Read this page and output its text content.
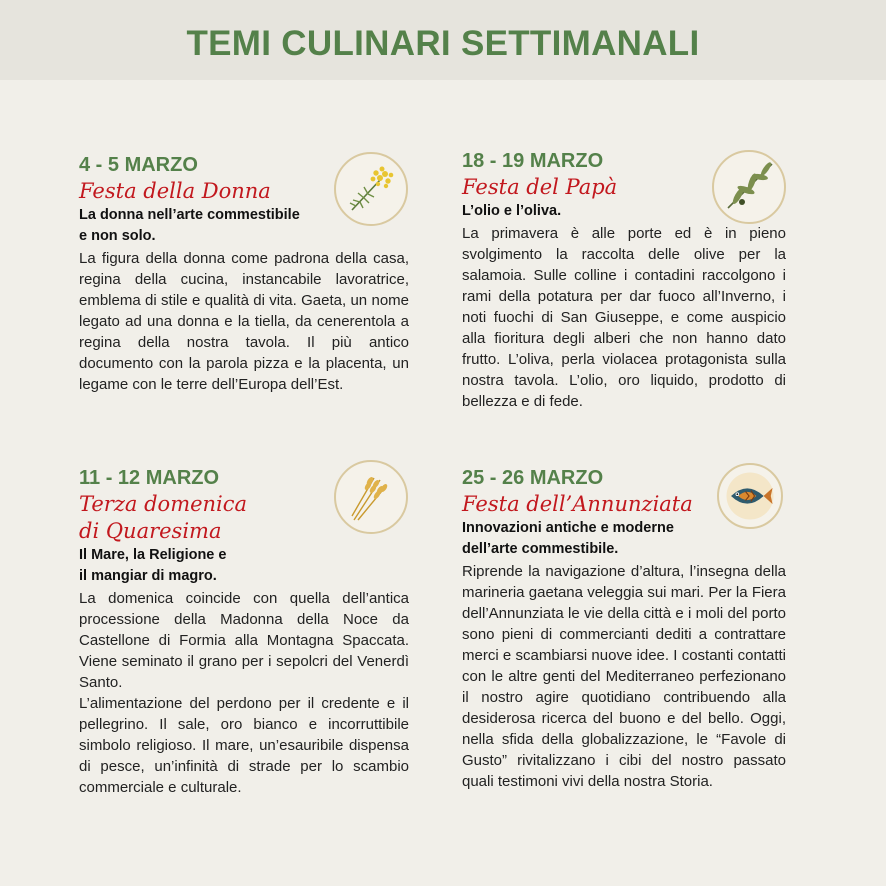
TEMI CULINARI SETTIMANALI
4 - 5 MARZO
Festa della Donna
La donna nell’arte commestibile
e non solo.

La figura della donna come padrona della casa, regina della cucina, instancabile lavoratrice, emblema di stile e qualità di vita. Gaeta, un nome legato ad una donna e la tiella, da cenerentola a regina della nostra tavola. Il più antico documento con la parola pizza e la placenta, un legame con le terre dell’Europa dell’Est.

18 - 19 MARZO
Festa del Papà
L’olio e l’oliva.

La primavera è alle porte ed è in pieno svolgimento la raccolta delle olive per la salamoia. Sulle colline i contadini raccolgono i rami della potatura per dar fuoco all’Inverno, i noti fuochi di San Giuseppe, e come auspicio alla fioritura degli alberi che non hanno dato frutto. L’oliva, perla violacea protagonista sulla nostra tavola. L’olio, oro liquido, prodotto di bellezza e di fede.

11 - 12 MARZO
Terza domenica
di Quaresima
Il Mare, la Religione e
il mangiar di magro.

La domenica coincide con quella dell’antica processione della Madonna della Noce da Castellone di Formia alla Montagna Spaccata. Viene seminato il grano per i sepolcri del Venerdì Santo.

L’alimentazione del perdono per il credente e il pellegrino. Il sale, oro bianco e incorruttibile simbolo religioso. Il mare, un’esauribile dispensa di pesce, un’infinità di strade per lo scambio commerciale e culturale.

25 - 26 MARZO
Festa dell’Annunziata
Innovazioni antiche e moderne
dell’arte commestibile.

Riprende la navigazione d’altura, l’insegna della marineria gaetana veleggia sui mari. Per la Fiera dell’Annunziata le vie della città e i moli del porto sono pieni di commercianti dediti a contrattare merci e scambiarsi nuove idee. I costanti contatti con le altre genti del Mediterraneo perfezionano il nostro agire quotidiano contribuendo alla desiderosa ricerca del buono e del bello. Oggi, nella sfida della globalizzazione, le “Favole di Gusto” rivitalizzano i cibi del nostro passato quali testimoni vivi della nostra Storia.
